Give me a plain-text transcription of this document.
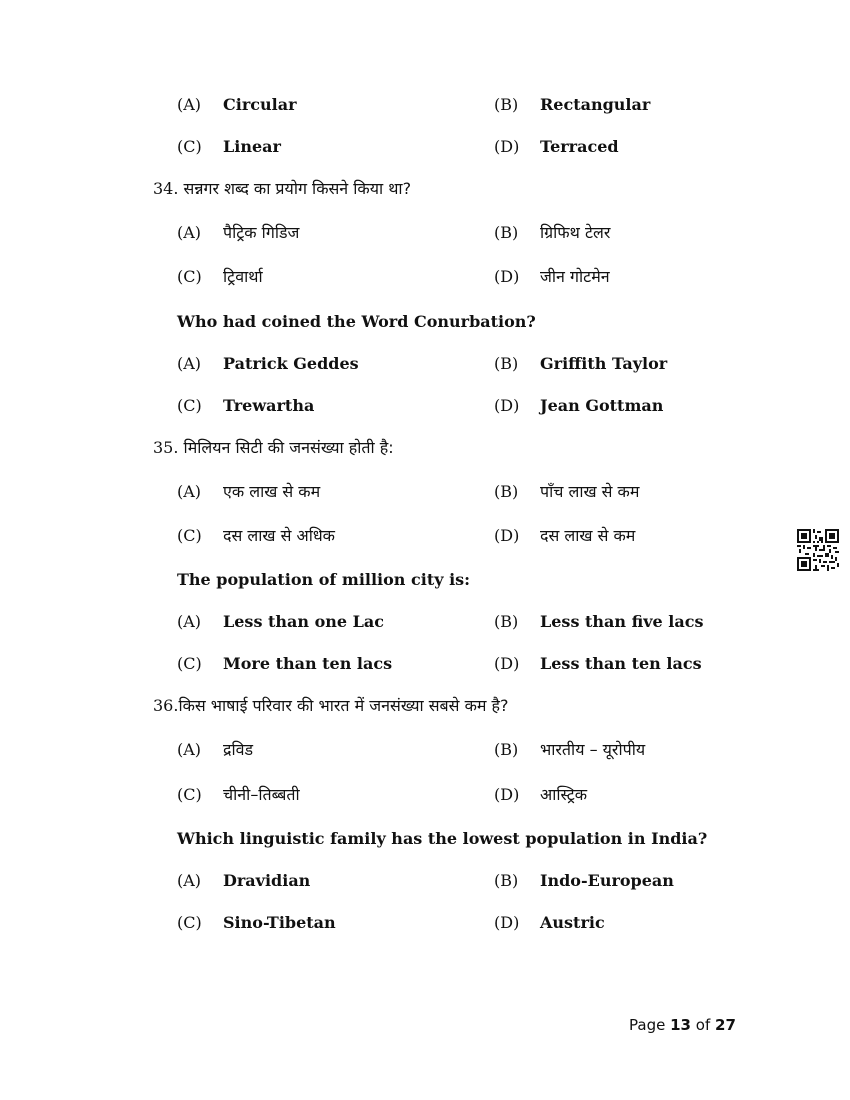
(A) Circular	(B) Rectangular
(C) Linear	(D) Terraced
34. सन्नगर शब्द का प्रयोग किसने किया था?
(A) पैट्रिक गिडिज	(B) ग्रिफिथ टेलर
(C) ट्रिवार्था	(D) जीन गोटमेन
Who had coined the Word Conurbation?
(A) Patrick Geddes	(B) Griffith Taylor
(C) Trewartha	(D) Jean Gottman
35. मिलियन सिटी की जनसंख्या होती है:
(A) एक लाख से कम	(B) पाँच लाख से कम
(C) दस लाख से अधिक	(D) दस लाख से कम
The population of million city is:
(A) Less than one Lac	(B) Less than five lacs
(C) More than ten lacs	(D) Less than ten lacs
36.किस भाषाई परिवार की भारत में जनसंख्या सबसे कम है?
(A) द्रविड	(B) भारतीय – यूरोपीय
(C) चीनी–तिब्बती	(D) आस्ट्रिक
Which linguistic family has the lowest population in India?
(A) Dravidian	(B) Indo-European
(C) Sino-Tibetan	(D) Austric
Page 13 of 27
